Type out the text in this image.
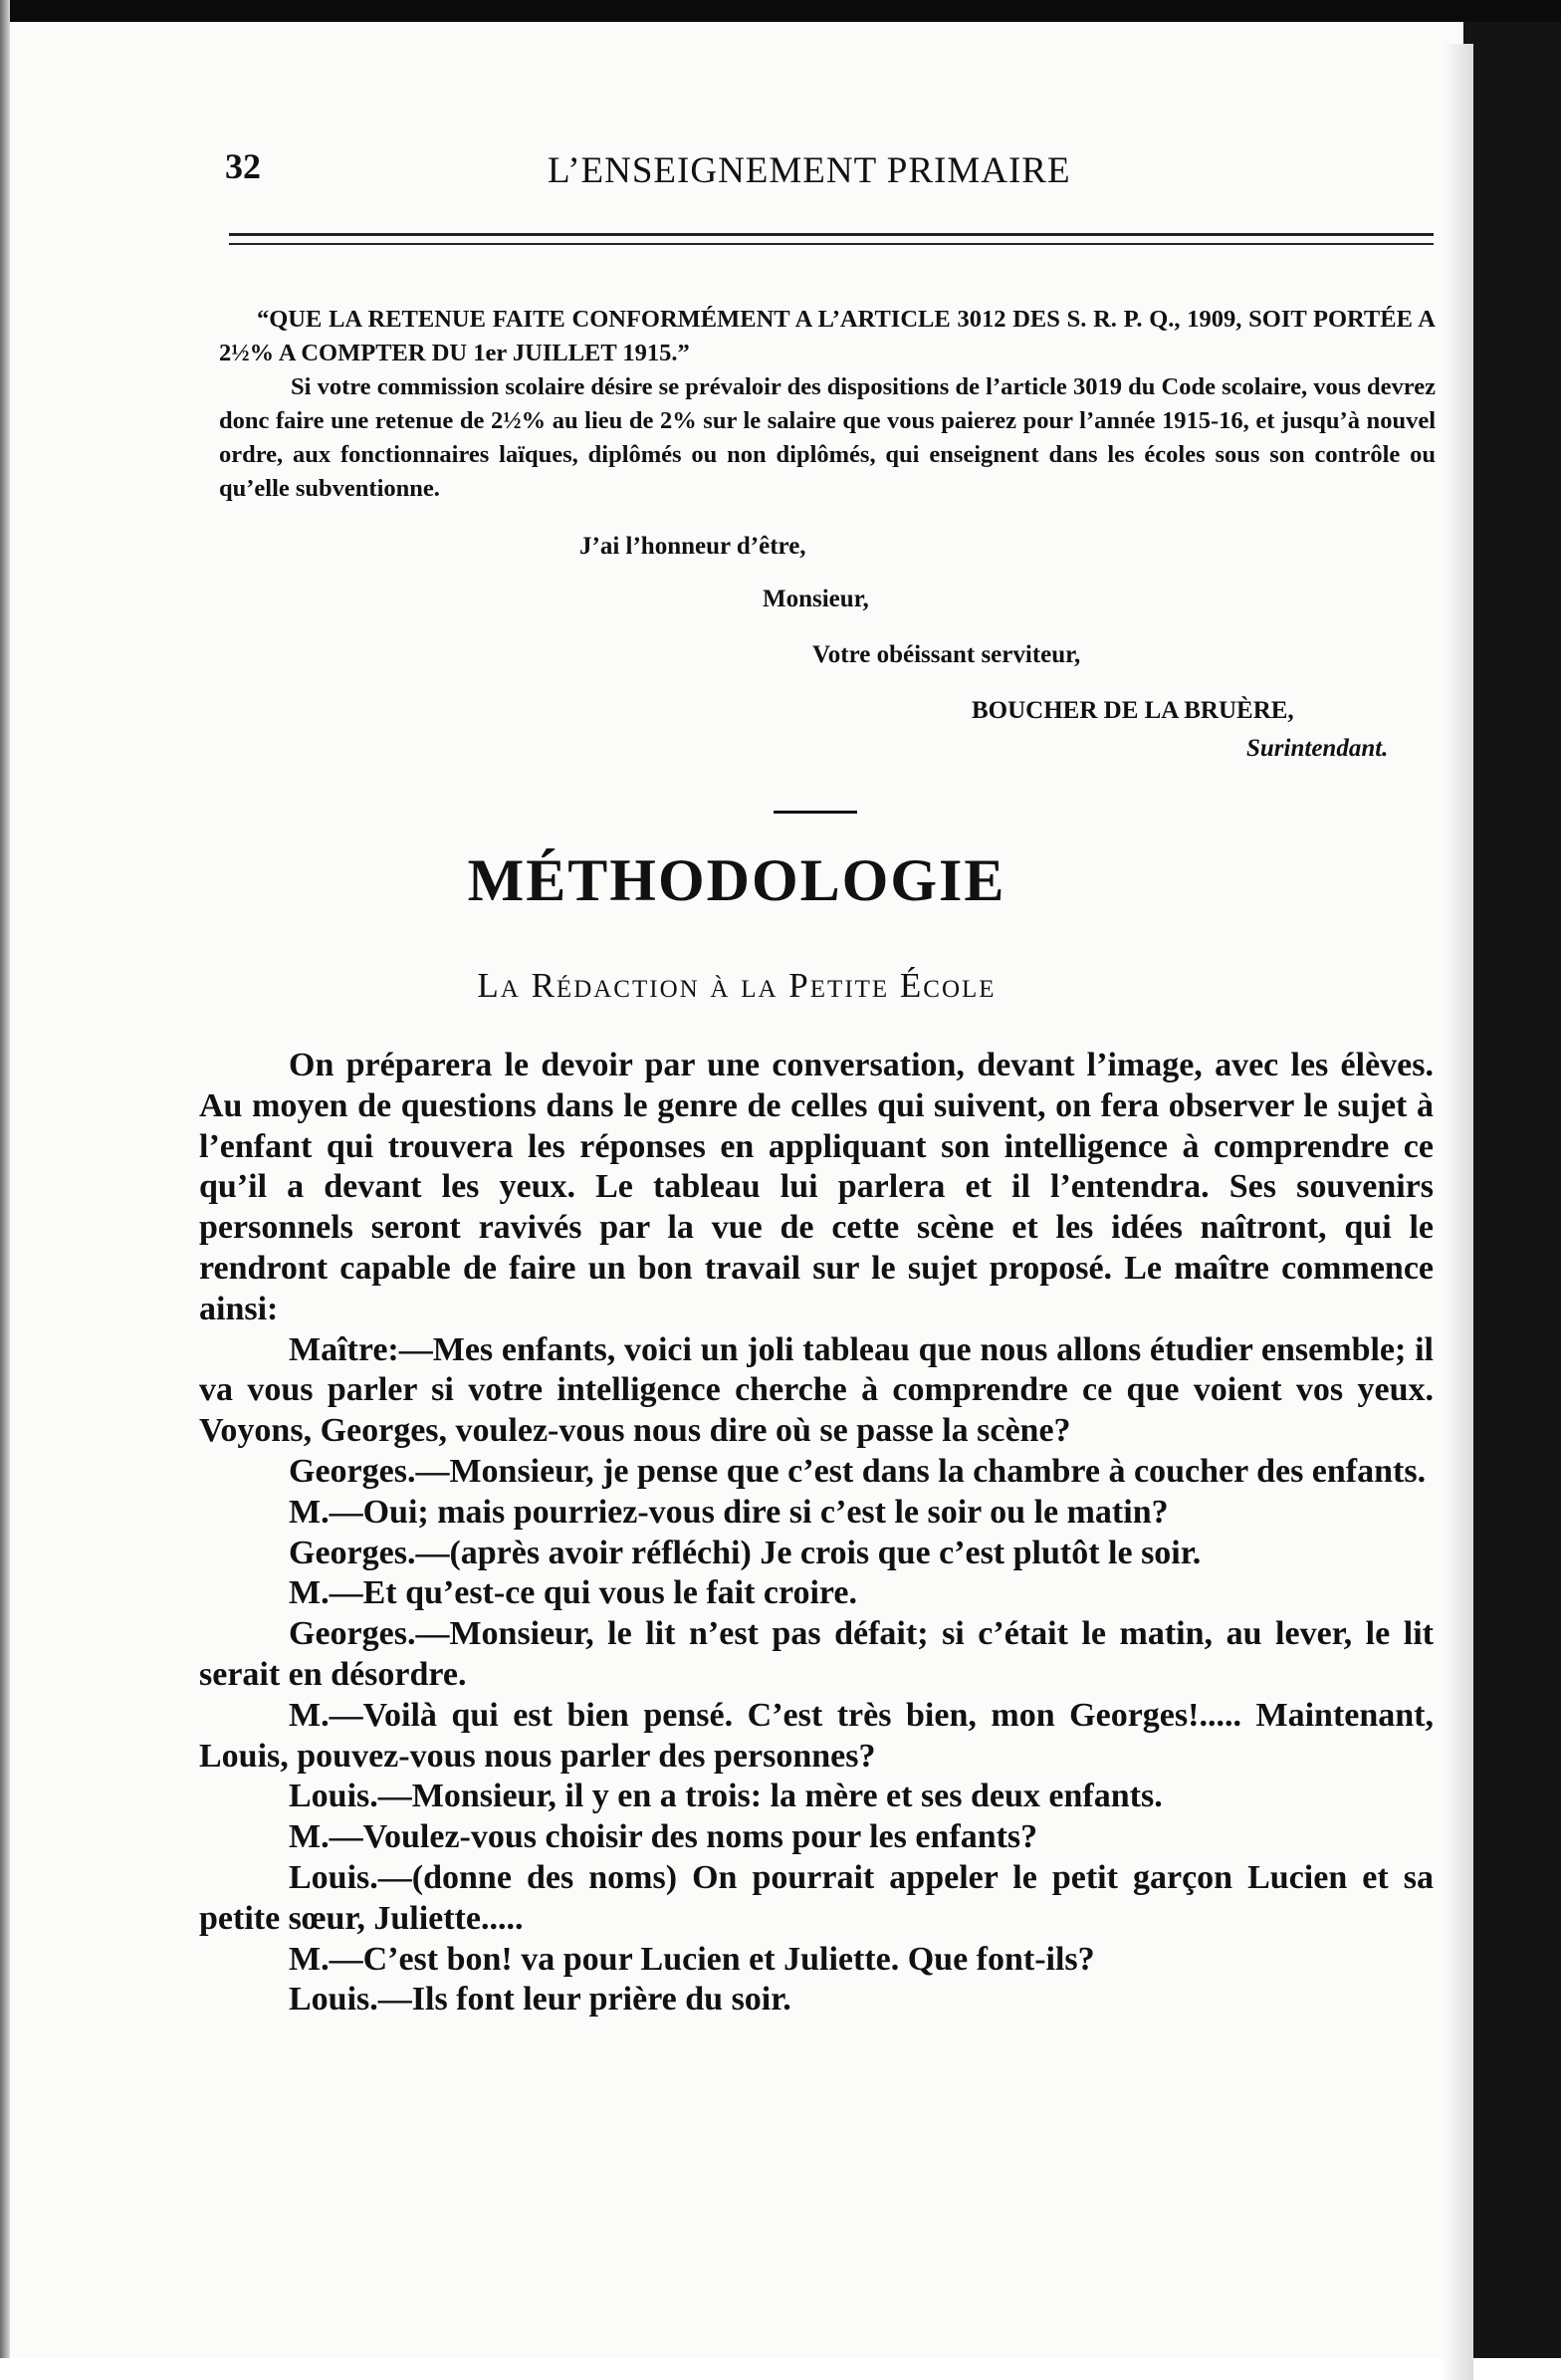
32	L’ENSEIGNEMENT PRIMAIRE

“QUE LA RETENUE FAITE CONFORMÉMENT A L’ARTICLE 3012 DES S. R. P. Q., 1909, SOIT PORTÉE A 2½% A COMPTER DU 1er JUILLET 1915.”

Si votre commission scolaire désire se prévaloir des dispositions de l’article 3019 du Code scolaire, vous devrez donc faire une retenue de 2½% au lieu de 2% sur le salaire que vous paierez pour l’année 1915-16, et jusqu’à nouvel ordre, aux fonctionnaires laïques, diplômés ou non diplômés, qui enseignent dans les écoles sous son contrôle ou qu’elle subventionne.

J’ai l’honneur d’être,
Monsieur,
Votre obéissant serviteur,
BOUCHER DE LA BRUÈRE,
Surintendant.
MÉTHODOLOGIE
La Rédaction à la Petite École

On préparera le devoir par une conversation, devant l’image, avec les élèves. Au moyen de questions dans le genre de celles qui suivent, on fera observer le sujet à l’enfant qui trouvera les réponses en appliquant son intelligence à comprendre ce qu’il a devant les yeux. Le tableau lui parlera et il l’entendra. Ses souvenirs personnels seront ravivés par la vue de cette scène et les idées naîtront, qui le rendront capable de faire un bon travail sur le sujet proposé. Le maître commence ainsi:

Maître:—Mes enfants, voici un joli tableau que nous allons étudier ensemble; il va vous parler si votre intelligence cherche à comprendre ce que voient vos yeux. Voyons, Georges, voulez-vous nous dire où se passe la scène?

Georges.—Monsieur, je pense que c’est dans la chambre à coucher des enfants.

M.—Oui; mais pourriez-vous dire si c’est le soir ou le matin?

Georges.—(après avoir réfléchi) Je crois que c’est plutôt le soir.

M.—Et qu’est-ce qui vous le fait croire.

Georges.—Monsieur, le lit n’est pas défait; si c’était le matin, au lever, le lit serait en désordre.

M.—Voilà qui est bien pensé. C’est très bien, mon Georges!..... Maintenant, Louis, pouvez-vous nous parler des personnes?

Louis.—Monsieur, il y en a trois: la mère et ses deux enfants.

M.—Voulez-vous choisir des noms pour les enfants?

Louis.—(donne des noms) On pourrait appeler le petit garçon Lucien et sa petite sœur, Juliette.....

M.—C’est bon! va pour Lucien et Juliette. Que font-ils?

Louis.—Ils font leur prière du soir.
